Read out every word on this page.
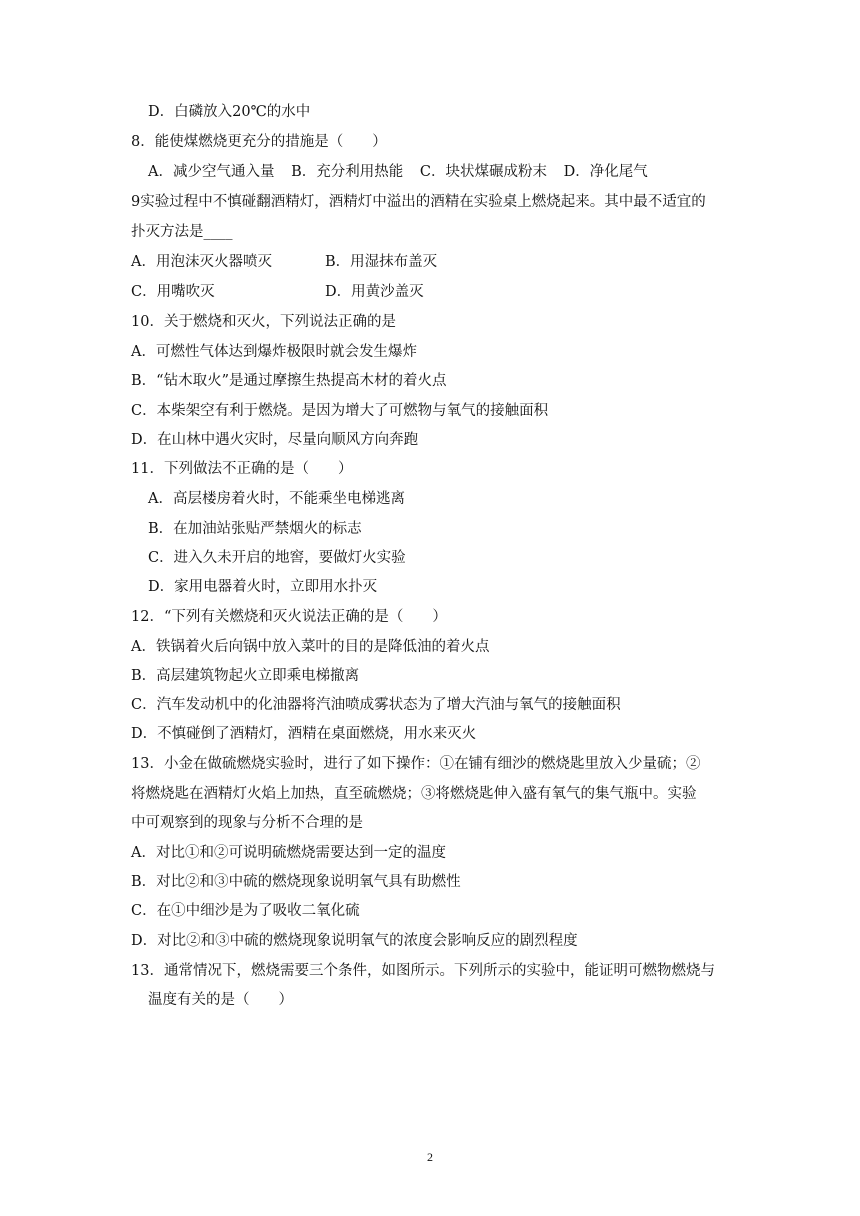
D．白磷放入20℃的水中
8．能使煤燃烧更充分的措施是（　　）
A．减少空气通入量 B．充分利用热能 C．块状煤碾成粉末 D．净化尾气
9实验过程中不慎碰翻酒精灯，酒精灯中溢出的酒精在实验桌上燃烧起来。其中最不适宜的
扑灭方法是____
A．用泡沫灭火器喷灭	B．用湿抹布盖灭
C．用嘴吹灭	D．用黄沙盖灭
10．关于燃烧和灭火，下列说法正确的是
A．可燃性气体达到爆炸极限时就会发生爆炸
B．“钻木取火”是通过摩擦生热提高木材的着火点
C．本柴架空有利于燃烧。是因为增大了可燃物与氧气的接触面积
D．在山林中遇火灾时，尽量向顺风方向奔跑
11．下列做法不正确的是（　　）
A．高层楼房着火时，不能乘坐电梯逃离
B．在加油站张贴严禁烟火的标志
C．进入久未开启的地窖，要做灯火实验
D．家用电器着火时，立即用水扑灭
12．“下列有关燃烧和灭火说法正确的是（　　）
A．铁锅着火后向锅中放入菜叶的目的是降低油的着火点
B．高层建筑物起火立即乘电梯撤离
C．汽车发动机中的化油器将汽油喷成雾状态为了增大汽油与氧气的接触面积
D．不慎碰倒了酒精灯，酒精在桌面燃烧，用水来灭火
13．小金在做硫燃烧实验时，进行了如下操作：①在铺有细沙的燃烧匙里放入少量硫；②
将燃烧匙在酒精灯火焰上加热，直至硫燃烧；③将燃烧匙伸入盛有氧气的集气瓶中。实验
中可观察到的现象与分析不合理的是
A．对比①和②可说明硫燃烧需要达到一定的温度
B．对比②和③中硫的燃烧现象说明氧气具有助燃性
C．在①中细沙是为了吸收二氧化硫
D．对比②和③中硫的燃烧现象说明氧气的浓度会影响反应的剧烈程度
13．通常情况下，燃烧需要三个条件，如图所示。下列所示的实验中，能证明可燃物燃烧与
温度有关的是（　　）
2
